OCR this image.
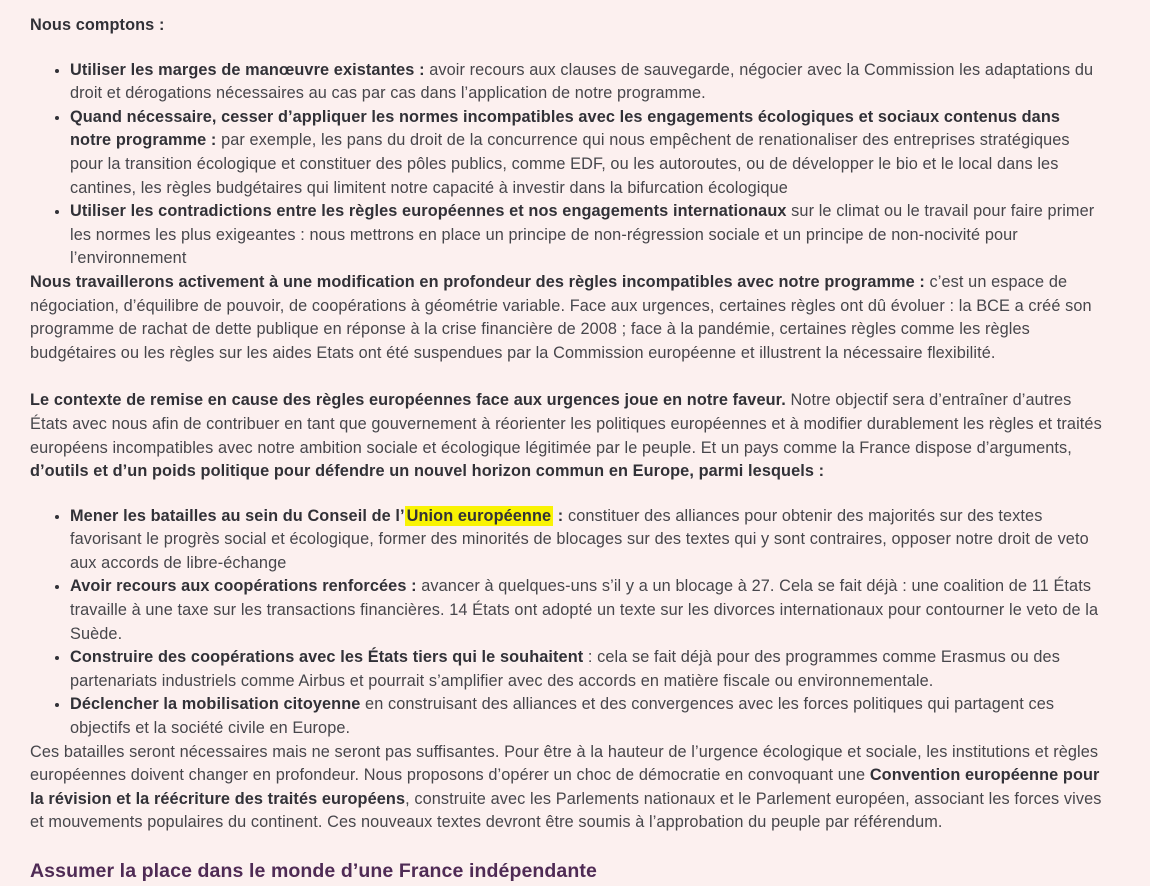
Nous comptons :

• Utiliser les marges de manœuvre existantes : avoir recours aux clauses de sauvegarde, négocier avec la Commission les adaptations du droit et dérogations nécessaires au cas par cas dans l’application de notre programme.
• Quand nécessaire, cesser d’appliquer les normes incompatibles avec les engagements écologiques et sociaux contenus dans notre programme : par exemple, les pans du droit de la concurrence qui nous empêchent de renationaliser des entreprises stratégiques pour la transition écologique et constituer des pôles publics, comme EDF, ou les autoroutes, ou de développer le bio et le local dans les cantines, les règles budgétaires qui limitent notre capacité à investir dans la bifurcation écologique
• Utiliser les contradictions entre les règles européennes et nos engagements internationaux sur le climat ou le travail pour faire primer les normes les plus exigeantes : nous mettrons en place un principe de non-régression sociale et un principe de non-nocivité pour l’environnement

Nous travaillerons activement à une modification en profondeur des règles incompatibles avec notre programme : c’est un espace de négociation, d’équilibre de pouvoir, de coopérations à géométrie variable. Face aux urgences, certaines règles ont dû évoluer : la BCE a créé son programme de rachat de dette publique en réponse à la crise financière de 2008 ; face à la pandémie, certaines règles comme les règles budgétaires ou les règles sur les aides Etats ont été suspendues par la Commission européenne et illustrent la nécessaire flexibilité.

Le contexte de remise en cause des règles européennes face aux urgences joue en notre faveur. Notre objectif sera d’entraîner d’autres États avec nous afin de contribuer en tant que gouvernement à réorienter les politiques européennes et à modifier durablement les règles et traités européens incompatibles avec notre ambition sociale et écologique légitimée par le peuple. Et un pays comme la France dispose d’arguments, d’outils et d’un poids politique pour défendre un nouvel horizon commun en Europe, parmi lesquels :

• Mener les batailles au sein du Conseil de l’ Union européenne : constituer des alliances pour obtenir des majorités sur des textes favorisant le progrès social et écologique, former des minorités de blocages sur des textes qui y sont contraires, opposer notre droit de veto aux accords de libre-échange
• Avoir recours aux coopérations renforcées : avancer à quelques-uns s’il y a un blocage à 27. Cela se fait déjà : une coalition de 11 États travaille à une taxe sur les transactions financières. 14 États ont adopté un texte sur les divorces internationaux pour contourner le veto de la Suède.
• Construire des coopérations avec les États tiers qui le souhaitent : cela se fait déjà pour des programmes comme Erasmus ou des partenariats industriels comme Airbus et pourrait s’amplifier avec des accords en matière fiscale ou environnementale.
• Déclencher la mobilisation citoyenne en construisant des alliances et des convergences avec les forces politiques qui partagent ces objectifs et la société civile en Europe.

Ces batailles seront nécessaires mais ne seront pas suffisantes. Pour être à la hauteur de l’urgence écologique et sociale, les institutions et règles européennes doivent changer en profondeur. Nous proposons d’opérer un choc de démocratie en convoquant une Convention européenne pour la révision et la réécriture des traités européens, construite avec les Parlements nationaux et le Parlement européen, associant les forces vives et mouvements populaires du continent. Ces nouveaux textes devront être soumis à l’approbation du peuple par référendum.

Assumer la place dans le monde d’une France indépendante
